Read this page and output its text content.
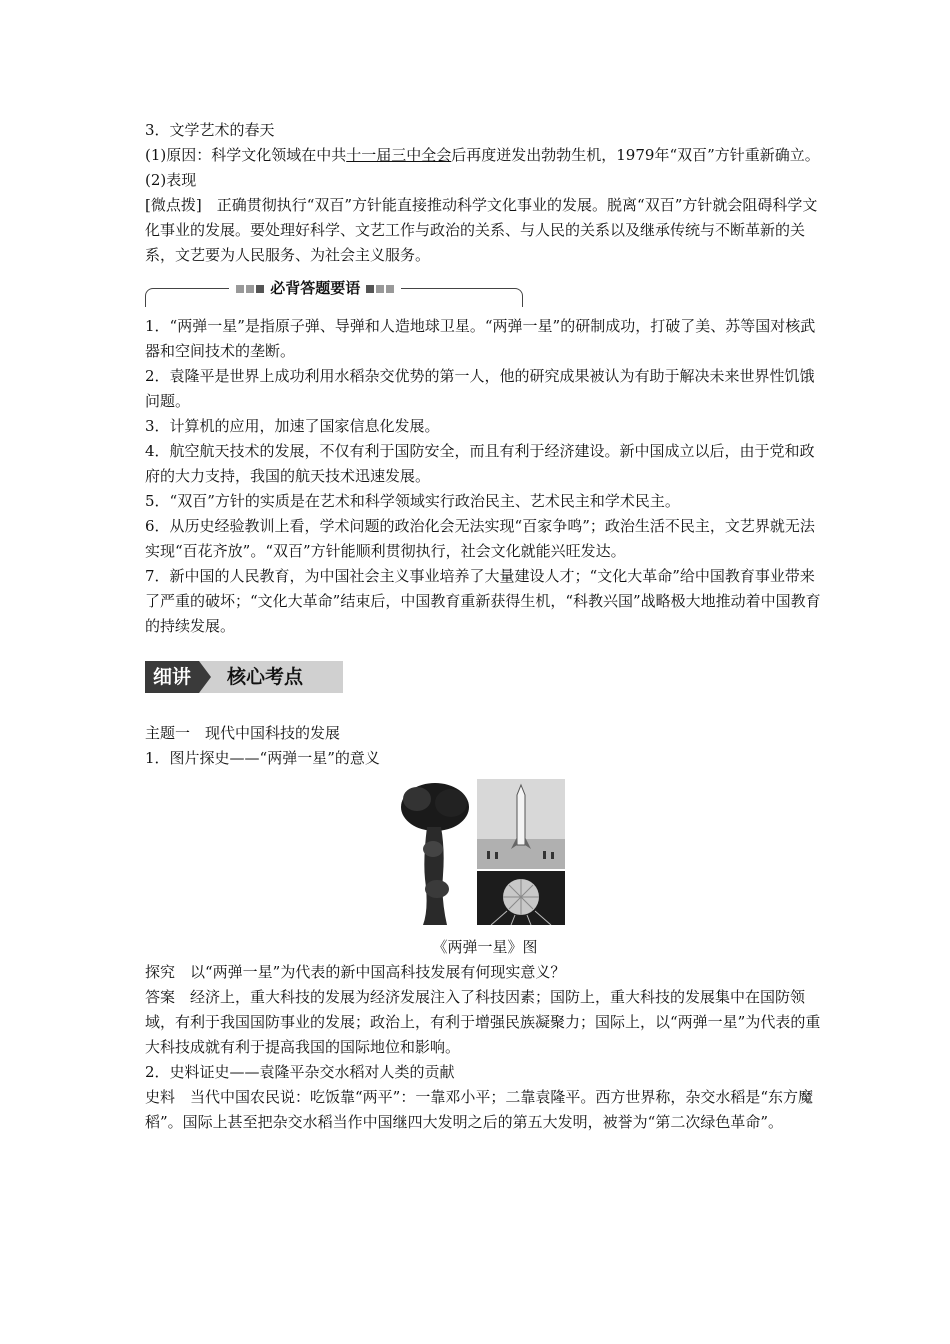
3．文学艺术的春天

(1)原因：科学文化领域在中共十一届三中全会后再度迸发出勃勃生机，1979年“双百”方针重新确立。

(2)表现

[微点拨]　正确贯彻执行“双百”方针能直接推动科学文化事业的发展。脱离“双百”方针就会阻碍科学文化事业的发展。要处理好科学、文艺工作与政治的关系、与人民的关系以及继承传统与不断革新的关系，文艺要为人民服务、为社会主义服务。

必背答题要语

1．“两弹一星”是指原子弹、导弹和人造地球卫星。“两弹一星”的研制成功，打破了美、苏等国对核武器和空间技术的垄断。

2．袁隆平是世界上成功利用水稻杂交优势的第一人，他的研究成果被认为有助于解决未来世界性饥饿问题。

3．计算机的应用，加速了国家信息化发展。

4．航空航天技术的发展，不仅有利于国防安全，而且有利于经济建设。新中国成立以后，由于党和政府的大力支持，我国的航天技术迅速发展。

5．“双百”方针的实质是在艺术和科学领域实行政治民主、艺术民主和学术民主。

6．从历史经验教训上看，学术问题的政治化会无法实现“百家争鸣”；政治生活不民主，文艺界就无法实现“百花齐放”。“双百”方针能顺利贯彻执行，社会文化就能兴旺发达。

7．新中国的人民教育，为中国社会主义事业培养了大量建设人才；“文化大革命”给中国教育事业带来了严重的破坏；“文化大革命”结束后，中国教育重新获得生机，“科教兴国”战略极大地推动着中国教育的持续发展。

核心考点
细讲

主题一　现代中国科技的发展

1．图片探史——“两弹一星”的意义

《两弹一星》图

探究　以“两弹一星”为代表的新中国高科技发展有何现实意义？

答案　经济上，重大科技的发展为经济发展注入了科技因素；国防上，重大科技的发展集中在国防领域，有利于我国国防事业的发展；政治上，有利于增强民族凝聚力；国际上，以“两弹一星”为代表的重大科技成就有利于提高我国的国际地位和影响。

2．史料证史——袁隆平杂交水稻对人类的贡献

史料　当代中国农民说：吃饭靠“两平”：一靠邓小平；二靠袁隆平。西方世界称，杂交水稻是“东方魔稻”。国际上甚至把杂交水稻当作中国继四大发明之后的第五大发明，被誉为“第二次绿色革命”。
